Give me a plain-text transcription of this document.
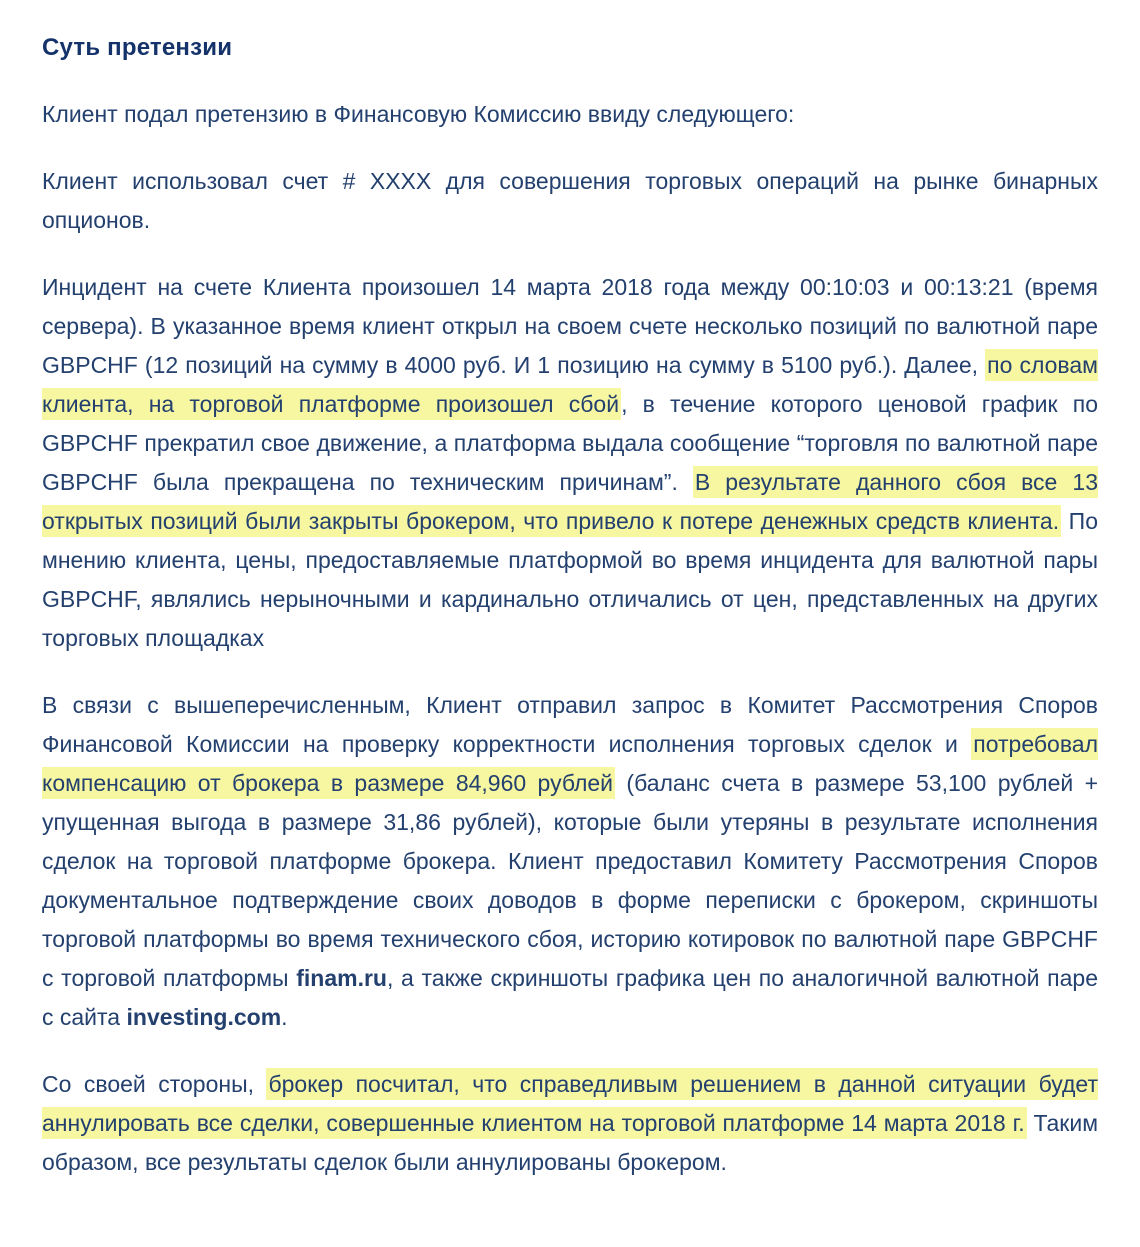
Суть претензии

Клиент подал претензию в Финансовую Комиссию ввиду следующего:

Клиент использовал счет # XXXX для совершения торговых операций на рынке бинарных опционов.

Инцидент на счете Клиента произошел 14 марта 2018 года между 00:10:03 и 00:13:21 (время сервера). В указанное время клиент открыл на своем счете несколько позиций по валютной паре GBPCHF (12 позиций на сумму в 4000 руб. И 1 позицию на сумму в 5100 руб.). Далее, по словам клиента, на торговой платформе произошел сбой, в течение которого ценовой график по GBPCHF прекратил свое движение, а платформа выдала сообщение “торговля по валютной паре GBPCHF была прекращена по техническим причинам”. В результате данного сбоя все 13 открытых позиций были закрыты брокером, что привело к потере денежных средств клиента. По мнению клиента, цены, предоставляемые платформой во время инцидента для валютной пары GBPCHF, являлись нерыночными и кардинально отличались от цен, представленных на других торговых площадках

В связи с вышеперечисленным, Клиент отправил запрос в Комитет Рассмотрения Споров Финансовой Комиссии на проверку корректности исполнения торговых сделок и потребовал компенсацию от брокера в размере 84,960 рублей (баланс счета в размере 53,100 рублей + упущенная выгода в размере 31,86 рублей), которые были утеряны в результате исполнения сделок на торговой платформе брокера. Клиент предоставил Комитету Рассмотрения Споров документальное подтверждение своих доводов в форме переписки с брокером, скриншоты торговой платформы во время технического сбоя, историю котировок по валютной паре GBPCHF с торговой платформы finam.ru, а также скриншоты графика цен по аналогичной валютной паре с сайта investing.com.

Со своей стороны, брокер посчитал, что справедливым решением в данной ситуации будет аннулировать все сделки, совершенные клиентом на торговой платформе 14 марта 2018 г. Таким образом, все результаты сделок были аннулированы брокером.
